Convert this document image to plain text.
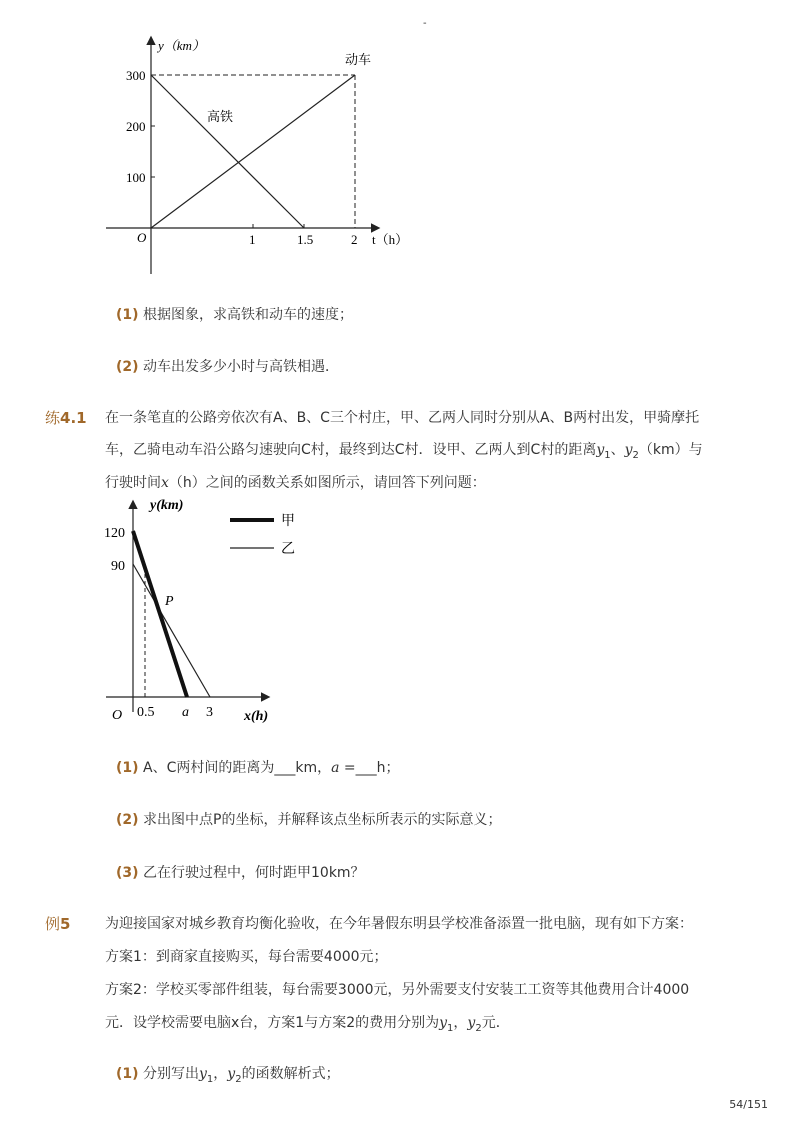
-
y（km）
300
200
100
O	1	1.5	2 t（h）
高铁
动车
(1) 根据图象，求高铁和动车的速度；
(2) 动车出发多少小时与高铁相遇．
练4.1 在一条笔直的公路旁依次有A、B、C三个村庄，甲、乙两人同时分别从A、B两村出发，甲骑摩托
车，乙骑电动车沿公路匀速驶向C村，最终到达C村．设甲、乙两人到C村的距离$y_1$、$y_2(km)$与
行驶时间x（h）之间的函数关系如图所示，请回答下列问题：
y(km)
120
90
P
O 0.5 a 3 x(h)
甲
乙
(1) A、C两村间的距离为___km，a =___h；
(2) 求出图中点P的坐标，并解释该点坐标所表示的实际意义；
(3) 乙在行驶过程中，何时距甲10km？
例5 为迎接国家对城乡教育均衡化验收，在今年暑假东明县学校准备添置一批电脑，现有如下方案：
方案1：到商家直接购买，每台需要4000元；
方案2：学校买零部件组装，每台需要3000元，另外需要支付安装工工资等其他费用合计4000
元．设学校需要电脑x台，方案1与方案2的费用分别为$y_1$，$y_2$元．
(1) 分别写出$y_1$，$y_2$的函数解析式；
54/151
